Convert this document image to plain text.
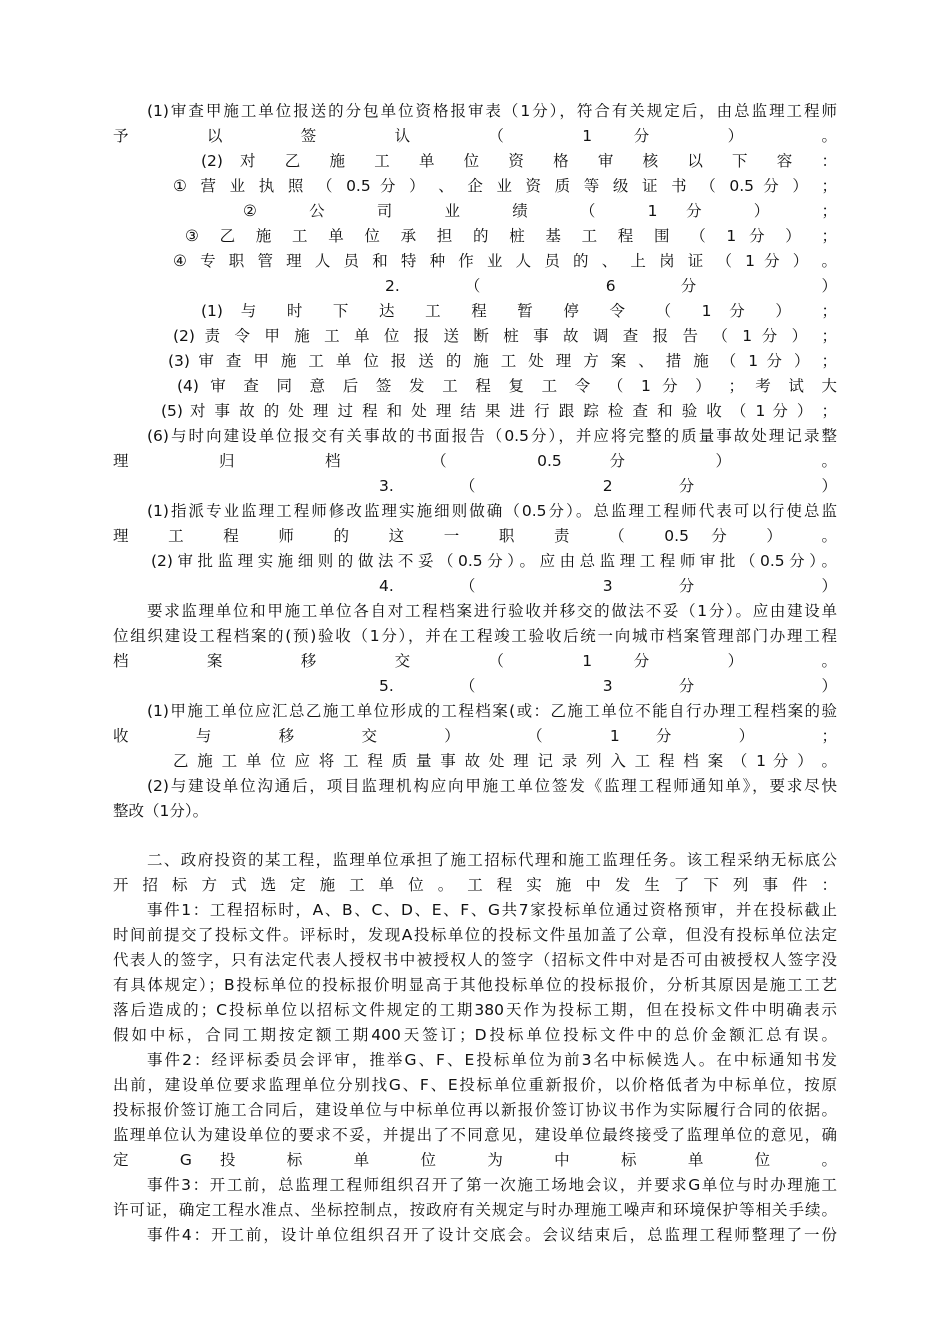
(1)审查甲施工单位报送的分包单位资格报审表（1分），符合有关规定后，由总监理工程师
予 以 签 认 （ 1 分 ） 。
(2) 对 乙 施 工 单 位 资 格 审 核 以 下 容 ：
① 营 业 执 照 （ 0.5 分 ） 、 企 业 资 质 等 级 证 书 （ 0.5 分 ） ；
② 公 司 业 绩 （ 1 分 ） ；
③ 乙 施 工 单 位 承 担 的 桩 基 工 程 围 （ 1 分 ） ；
④ 专 职 管 理 人 员 和 特 种 作 业 人 员 的 、 上 岗 证 （ 1 分 ） 。
2. （ 6 分 ）
(1) 与 时 下 达 工 程 暂 停 令 （ 1 分 ） ；
(2) 责 令 甲 施 工 单 位 报 送 断 桩 事 故 调 查 报 告 （ 1 分 ） ；
(3) 审 查 甲 施 工 单 位 报 送 的 施 工 处 理 方 案 、 措 施 （ 1 分 ） ；
(4) 审 查 同 意 后 签 发 工 程 复 工 令 （ 1 分 ） ； 考 试 大
(5) 对 事 故 的 处 理 过 程 和 处 理 结 果 进 行 跟 踪 检 查 和 验 收 （ 1 分 ） ；
(6)与时向建设单位报交有关事故的书面报告（0.5分），并应将完整的质量事故处理记录整
理 归 档 （ 0.5 分 ） 。
3. （ 2 分 ）
(1)指派专业监理工程师修改监理实施细则做确（0.5分）。总监理工程师代表可以行使总监
理 工 程 师 的 这 一 职 责 （ 0.5 分 ） 。
(2)审批监理实施细则的做法不妥（0.5分）。应由总监理工程师审批（0.5分）。
4. （ 3 分 ）
要求监理单位和甲施工单位各自对工程档案进行验收并移交的做法不妥（1分）。应由建设单
位组织建设工程档案的(预)验收（1分），并在工程竣工验收后统一向城市档案管理部门办理工程
档 案 移 交 （ 1 分 ） 。
5. （ 3 分 ）
(1)甲施工单位应汇总乙施工单位形成的工程档案(或：乙施工单位不能自行办理工程档案的验
收 与 移 交 ） （ 1 分 ） ；
乙 施 工 单 位 应 将 工 程 质 量 事 故 处 理 记 录 列 入 工 程 档 案 （ 1 分 ） 。
(2)与建设单位沟通后，项目监理机构应向甲施工单位签发《监理工程师通知单》，要求尽快
整改（1分）。
二、政府投资的某工程，监理单位承担了施工招标代理和施工监理任务。该工程采纳无标底公
开 招 标 方 式 选 定 施 工 单 位 。 工 程 实 施 中 发 生 了 下 列 事 件 ：
事件1：工程招标时，A、B、C、D、E、F、G共7家投标单位通过资格预审，并在投标截止
时间前提交了投标文件。评标时，发现A投标单位的投标文件虽加盖了公章，但没有投标单位法定
代表人的签字，只有法定代表人授权书中被授权人的签字（招标文件中对是否可由被授权人签字没
有具体规定）；B投标单位的投标报价明显高于其他投标单位的投标报价，分析其原因是施工工艺
落后造成的；C投标单位以招标文件规定的工期380天作为投标工期，但在投标文件中明确表示
假如中标，合同工期按定额工期400天签订；D投标单位投标文件中的总价金额汇总有误。
事件2：经评标委员会评审，推举G、F、E投标单位为前3名中标候选人。在中标通知书发
出前，建设单位要求监理单位分别找G、F、E投标单位重新报价，以价格低者为中标单位，按原
投标报价签订施工合同后，建设单位与中标单位再以新报价签订协议书作为实际履行合同的依据。
监理单位认为建设单位的要求不妥，并提出了不同意见，建设单位最终接受了监理单位的意见，确
定 G 投 标 单 位 为 中 标 单 位 。
事件3：开工前，总监理工程师组织召开了第一次施工场地会议，并要求G单位与时办理施工
许可证，确定工程水准点、坐标控制点，按政府有关规定与时办理施工噪声和环境保护等相关手续。
事件4：开工前，设计单位组织召开了设计交底会。会议结束后，总监理工程师整理了一份
